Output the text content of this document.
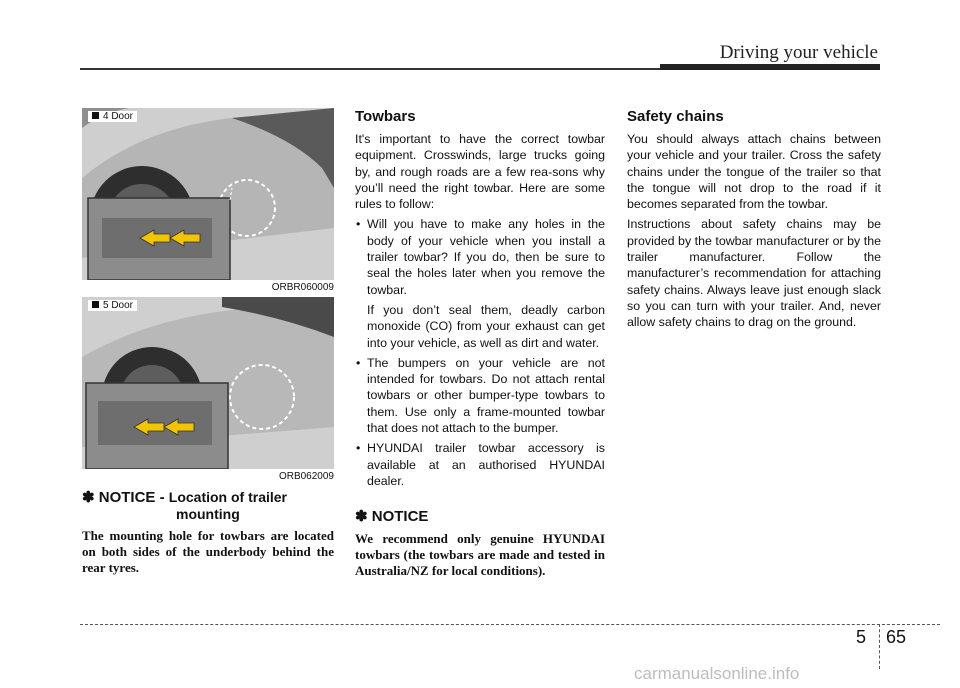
Driving your vehicle
4 Door
ORBR060009
5 Door
ORB062009
✽ NOTICE - Location of trailer
mounting
The mounting hole for towbars are located on both sides of the underbody behind the rear tyres.
Towbars

It's important to have the correct towbar equipment. Crosswinds, large trucks going by, and rough roads are a few rea-sons why you’ll need the right towbar. Here are some rules to follow:

• Will you have to make any holes in the body of your vehicle when you install a trailer towbar? If you do, then be sure to seal the holes later when you remove the towbar.

If you don’t seal them, deadly carbon monoxide (CO) from your exhaust can get into your vehicle, as well as dirt and water.

• The bumpers on your vehicle are not intended for towbars. Do not attach rental towbars or other bumper-type towbars to them. Use only a frame-mounted towbar that does not attach to the bumper.
• HYUNDAI trailer towbar accessory is available at an authorised HYUNDAI dealer.
✽ NOTICE
We recommend only genuine HYUNDAI towbars (the towbars are made and tested in Australia/NZ for local conditions).
Safety chains

You should always attach chains between your vehicle and your trailer. Cross the safety chains under the tongue of the trailer so that the tongue will not drop to the road if it becomes separated from the towbar.

Instructions about safety chains may be provided by the towbar manufacturer or by the trailer manufacturer. Follow the manufacturer’s recommendation for attaching safety chains. Always leave just enough slack so you can turn with your trailer. And, never allow safety chains to drag on the ground.

5 65
carmanualsonline.info
